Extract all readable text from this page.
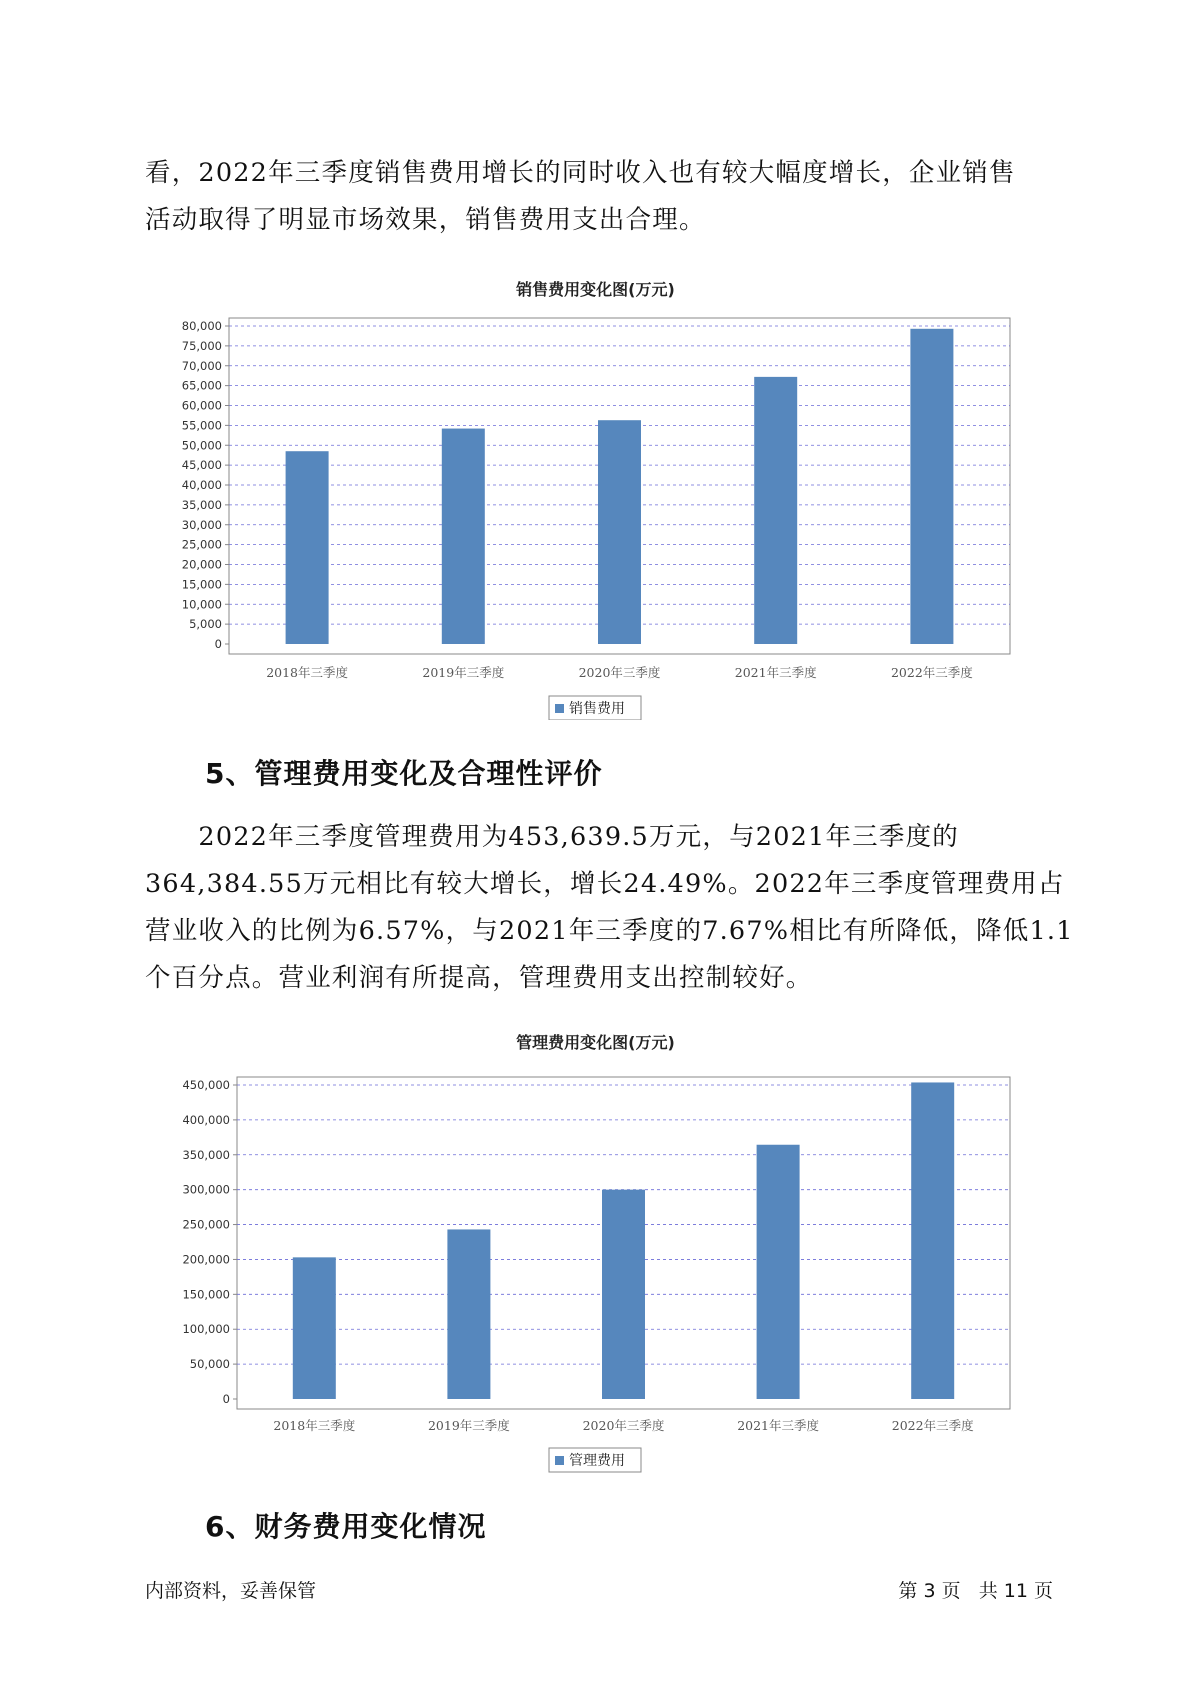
看，2022年三季度销售费用增长的同时收入也有较大幅度增长，企业销售
活动取得了明显市场效果，销售费用支出合理。
销售费用变化图(万元)
0
5,000
10,000
15,000
20,000
25,000
30,000
35,000
40,000
45,000
50,000
55,000
60,000
65,000
70,000
75,000
80,000
2018年三季度	2019年三季度	2020年三季度	2021年三季度	2022年三季度
销售费用
5、管理费用变化及合理性评价
　　2022年三季度管理费用为453,639.5万元，与2021年三季度的
364,384.55万元相比有较大增长，增长24.49%。2022年三季度管理费用占
营业收入的比例为6.57%，与2021年三季度的7.67%相比有所降低，降低1.1
个百分点。营业利润有所提高，管理费用支出控制较好。
管理费用变化图(万元)
0
50,000
100,000
150,000
200,000
250,000
300,000
350,000
400,000
450,000
2018年三季度	2019年三季度	2020年三季度	2021年三季度	2022年三季度
管理费用
6、财务费用变化情况
内部资料，妥善保管	第 3 页 共 11 页
